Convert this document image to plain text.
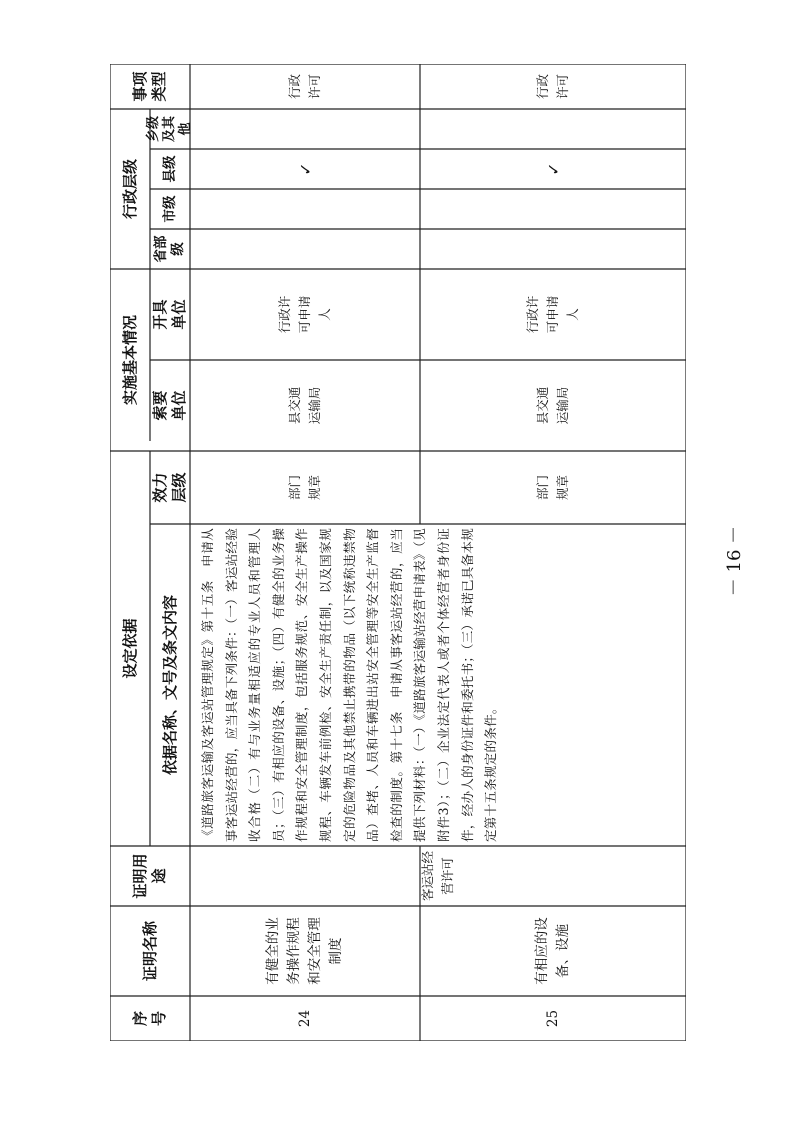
序号
证明名称
证明用途
设定依据 依据名称、文号及条文内容
效力层级
实施基本情况
索要单位
开具单位
行政层级
省部级
市级
县级
乡级及其他
事项类型
24
有健全的业务操作规程和安全管理制度
部门规章
县交通运输局
行政许可申请人
✓
行政许可
25
有相应的设备、设施
部门规章
县交通运输局
行政许可申请人
✓
行政许可
客运站经营许可
《道路旅客运输及客运站管理规定》第十五条　申请从事客运站经营的，应当具备下列条件：（一）客运站经验收合格（二）有与业务量相适应的专业人员和管理人员；（三）有相应的设备、设施；（四）有健全的业务操作规程和安全管理制度，包括服务规范、安全生产操作规程、车辆发车前例检、安全生产责任制，以及国家规定的危险物品及其他禁止携带的物品（以下统称违禁物品）查堵、人员和车辆进出站安全管理等安全生产监督检查的制度。第十七条　申请从事客运站经营的，应当提供下列材料：（一）《道路旅客运输站经营申请表》（见附件3）；（二）企业法定代表人或者个体经营者身份证件，经办人的身份证件和委托书；（三）承诺已具备本规定第十五条规定的条件。
－ 16 －
